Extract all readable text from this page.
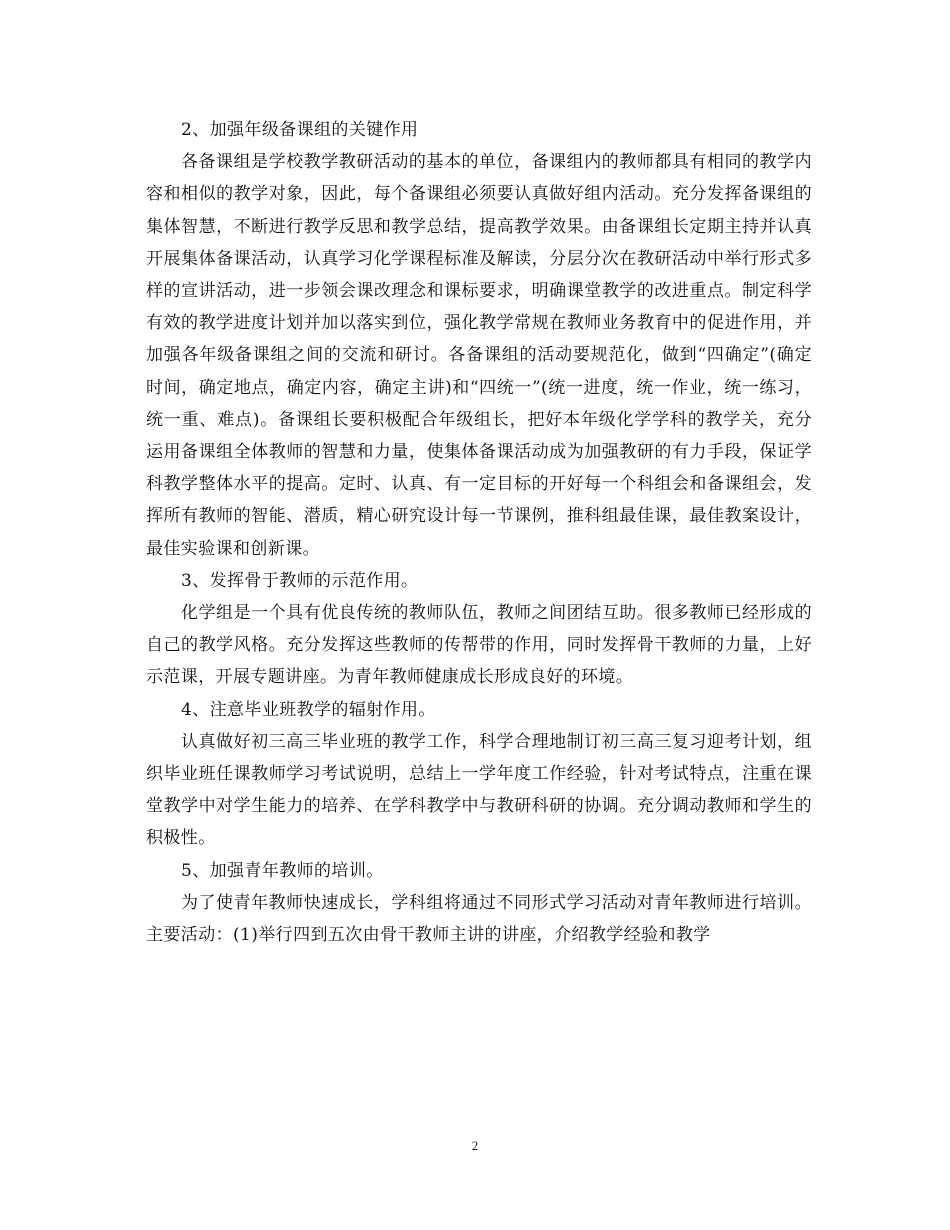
2、加强年级备课组的关键作用

各备课组是学校教学教研活动的基本的单位，备课组内的教师都具有相同的教学内容和相似的教学对象，因此，每个备课组必须要认真做好组内活动。充分发挥备课组的集体智慧，不断进行教学反思和教学总结，提高教学效果。由备课组长定期主持并认真开展集体备课活动，认真学习化学课程标准及解读，分层分次在教研活动中举行形式多样的宣讲活动，进一步领会课改理念和课标要求，明确课堂教学的改进重点。制定科学有效的教学进度计划并加以落实到位，强化教学常规在教师业务教育中的促进作用，并加强各年级备课组之间的交流和研讨。各备课组的活动要规范化，做到“四确定”(确定时间，确定地点，确定内容，确定主讲)和“四统一”(统一进度，统一作业，统一练习，统一重、难点)。备课组长要积极配合年级组长，把好本年级化学学科的教学关，充分运用备课组全体教师的智慧和力量，使集体备课活动成为加强教研的有力手段，保证学科教学整体水平的提高。定时、认真、有一定目标的开好每一个科组会和备课组会，发挥所有教师的智能、潜质，精心研究设计每一节课例，推科组最佳课，最佳教案设计，最佳实验课和创新课。

3、发挥骨于教师的示范作用。

化学组是一个具有优良传统的教师队伍，教师之间团结互助。很多教师已经形成的自己的教学风格。充分发挥这些教师的传帮带的作用，同时发挥骨干教师的力量，上好示范课，开展专题讲座。为青年教师健康成长形成良好的环境。

4、注意毕业班教学的辐射作用。

认真做好初三高三毕业班的教学工作，科学合理地制订初三高三复习迎考计划，组织毕业班任课教师学习考试说明，总结上一学年度工作经验，针对考试特点，注重在课堂教学中对学生能力的培养、在学科教学中与教研科研的协调。充分调动教师和学生的积极性。

5、加强青年教师的培训。

为了使青年教师快速成长，学科组将通过不同形式学习活动对青年教师进行培训。主要活动：(1)举行四到五次由骨干教师主讲的讲座，介绍教学经验和教学

2
